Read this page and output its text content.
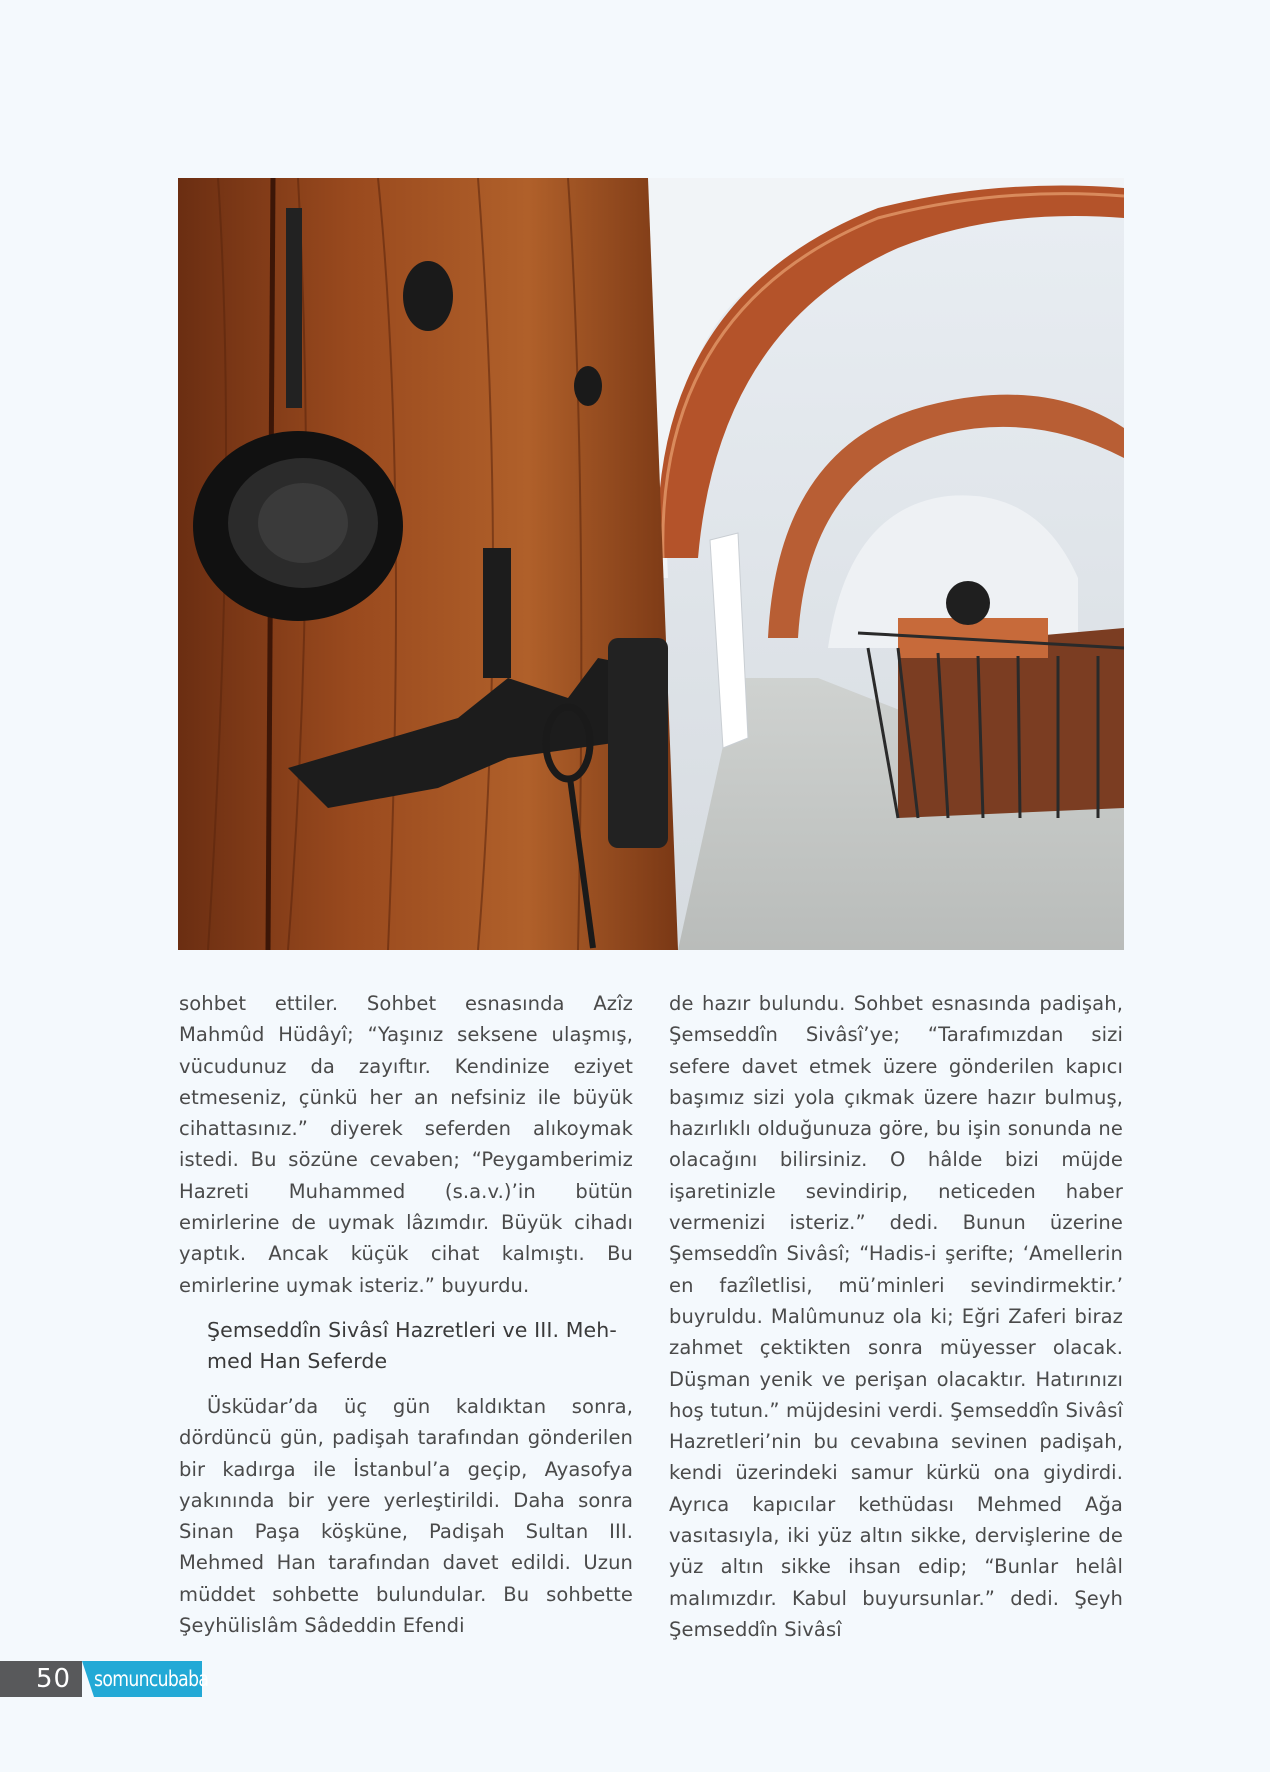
sohbet ettiler. Sohbet esnasında Azîz Mahmûd Hüdâyî; “Yaşınız seksene ulaşmış, vücudunuz da zayıftır. Kendinize eziyet etmeseniz, çünkü her an nefsiniz ile büyük cihattasınız.” diyerek seferden alıkoymak istedi. Bu sözüne cevaben; “Peygamberimiz Hazreti Muhammed (s.a.v.)’in bütün emirlerine de uymak lâzımdır. Büyük cihadı yaptık. Ancak küçük cihat kalmıştı. Bu emirlerine uymak isteriz.” buyurdu.

Şemseddîn Sivâsî Hazretleri ve III. Mehmed Han Seferde

Üsküdar’da üç gün kaldıktan sonra, dördüncü gün, padişah tarafından gönderilen bir kadırga ile İstanbul’a geçip, Ayasofya yakınında bir yere yerleştirildi. Daha sonra Sinan Paşa köşküne, Padişah Sultan III. Mehmed Han tarafından davet edildi. Uzun müddet sohbette bulundular. Bu sohbette Şeyhülislâm Sâdeddin Efendi

de hazır bulundu. Sohbet esnasında padişah, Şemseddîn Sivâsî’ye; “Tarafımızdan sizi sefere davet etmek üzere gönderilen kapıcı başımız sizi yola çıkmak üzere hazır bulmuş, hazırlıklı olduğunuza göre, bu işin sonunda ne olacağını bilirsiniz. O hâlde bizi müjde işaretinizle sevindirip, neticeden haber vermenizi isteriz.” dedi. Bunun üzerine Şemseddîn Sivâsî; “Hadis-i şerifte; ‘Amellerin en fazîletlisi, mü’minleri sevindirmektir.’ buyruldu. Malûmunuz ola ki; Eğri Zaferi biraz zahmet çektikten sonra müyesser olacak. Düşman yenik ve perişan olacaktır. Hatırınızı hoş tutun.” müjdesini verdi. Şemseddîn Sivâsî Hazretleri’nin bu cevabına sevinen padişah, kendi üzerindeki samur kürkü ona giydirdi. Ayrıca kapıcılar kethüdası Mehmed Ağa vasıtasıyla, iki yüz altın sikke, dervişlerine de yüz altın sikke ihsan edip; “Bunlar helâl malımızdır. Kabul buyursunlar.” dedi. Şeyh Şemseddîn Sivâsî

50 somuncubaba
